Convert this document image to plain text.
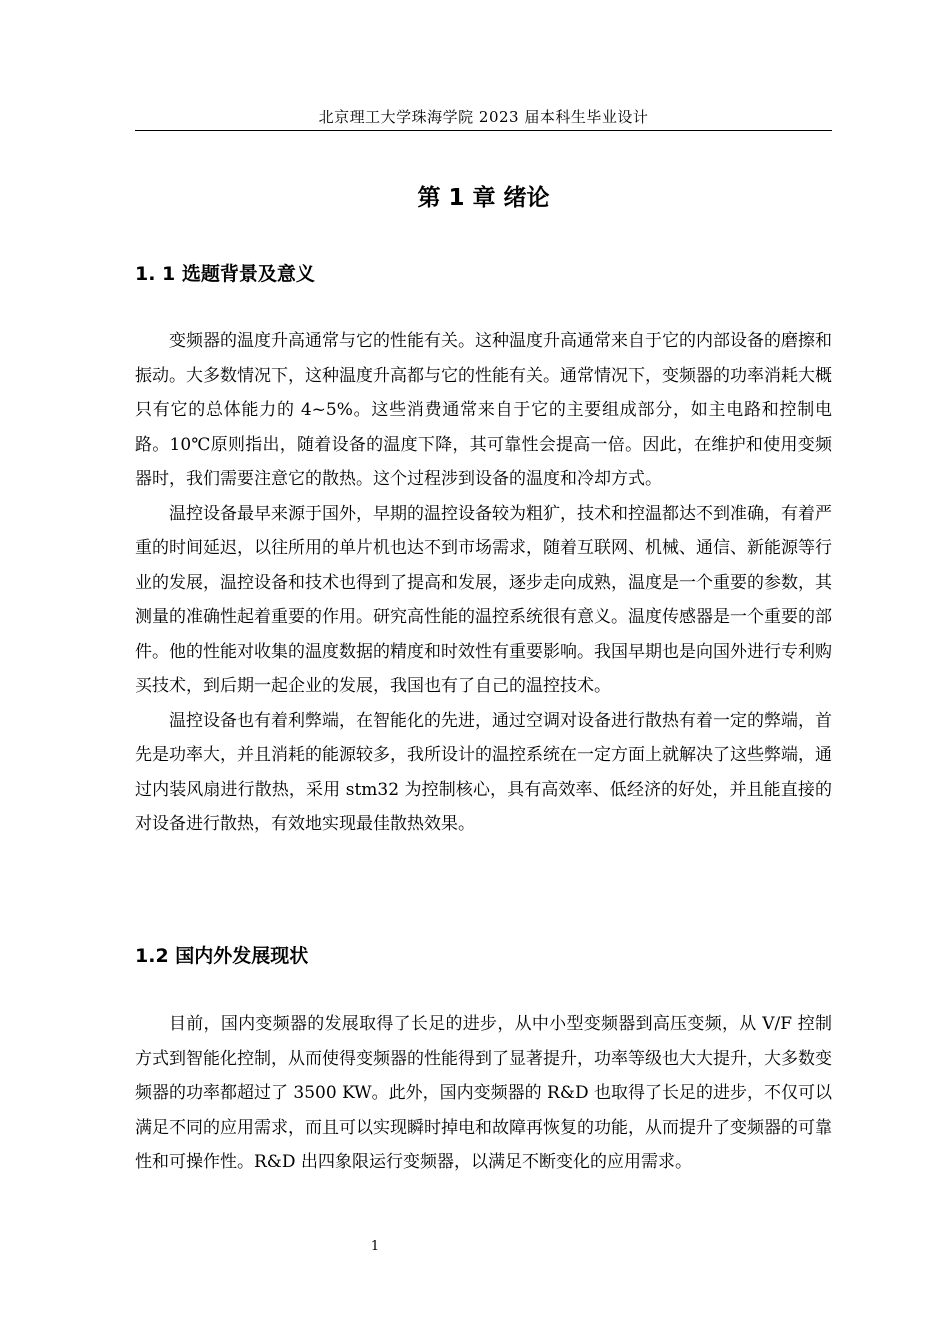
北京理工大学珠海学院 2023 届本科生毕业设计
第 1 章 绪论
1. 1 选题背景及意义

变频器的温度升高通常与它的性能有关。这种温度升高通常来自于它的内部设备的磨擦和振动。大多数情况下，这种温度升高都与它的性能有关。通常情况下，变频器的功率消耗大概只有它的总体能力的 4~5%。这些消费通常来自于它的主要组成部分，如主电路和控制电路。10℃原则指出，随着设备的温度下降，其可靠性会提高一倍。因此，在维护和使用变频器时，我们需要注意它的散热。这个过程涉到设备的温度和冷却方式。

温控设备最早来源于国外，早期的温控设备较为粗犷，技术和控温都达不到准确，有着严重的时间延迟，以往所用的单片机也达不到市场需求，随着互联网、机械、通信、新能源等行业的发展，温控设备和技术也得到了提高和发展，逐步走向成熟，温度是一个重要的参数，其测量的准确性起着重要的作用。研究高性能的温控系统很有意义。温度传感器是一个重要的部件。他的性能对收集的温度数据的精度和时效性有重要影响。我国早期也是向国外进行专利购买技术，到后期一起企业的发展，我国也有了自己的温控技术。

温控设备也有着利弊端，在智能化的先进，通过空调对设备进行散热有着一定的弊端，首先是功率大，并且消耗的能源较多，我所设计的温控系统在一定方面上就解决了这些弊端，通过内装风扇进行散热，采用 stm32 为控制核心，具有高效率、低经济的好处，并且能直接的对设备进行散热，有效地实现最佳散热效果。

1.2 国内外发展现状

目前，国内变频器的发展取得了长足的进步，从中小型变频器到高压变频，从 V/F 控制方式到智能化控制，从而使得变频器的性能得到了显著提升，功率等级也大大提升，大多数变频器的功率都超过了 3500 KW。此外，国内变频器的 R&D 也取得了长足的进步，不仅可以满足不同的应用需求，而且可以实现瞬时掉电和故障再恢复的功能，从而提升了变频器的可靠性和可操作性。R&D 出四象限运行变频器，以满足不断变化的应用需求。

1
